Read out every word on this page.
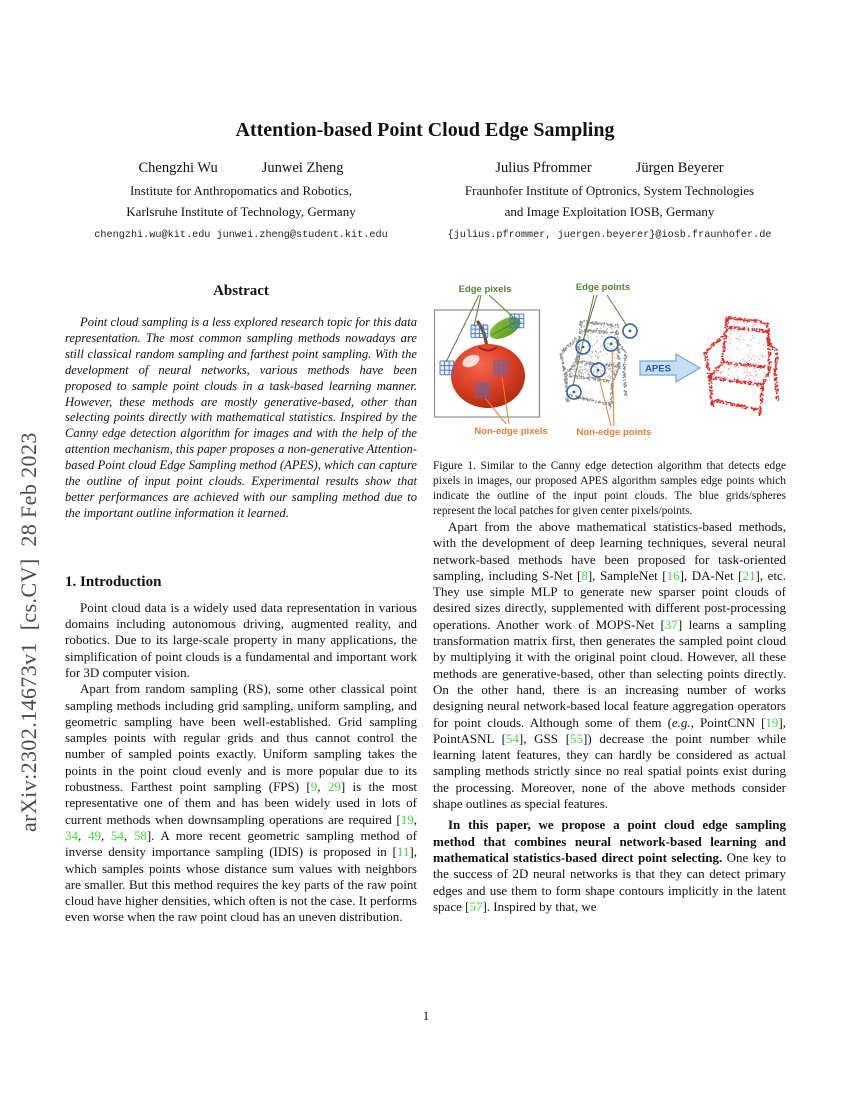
arXiv:2302.14673v1  [cs.CV]  28 Feb 2023
Attention-based Point Cloud Edge Sampling
Chengzhi Wu	Junwei Zheng
Institute for Anthropomatics and Robotics,
Karlsruhe Institute of Technology, Germany
chengzhi.wu@kit.edu junwei.zheng@student.kit.edu
Julius Pfrommer	Jürgen Beyerer
Fraunhofer Institute of Optronics, System Technologies
and Image Exploitation IOSB, Germany
{julius.pfrommer, juergen.beyerer}@iosb.fraunhofer.de
Abstract

Point cloud sampling is a less explored research topic for this data representation. The most common sampling methods nowadays are still classical random sampling and farthest point sampling. With the development of neural networks, various methods have been proposed to sample point clouds in a task-based learning manner. However, these methods are mostly generative-based, other than selecting points directly with mathematical statistics. Inspired by the Canny edge detection algorithm for images and with the help of the attention mechanism, this paper proposes a non-generative Attention-based Point cloud Edge Sampling method (APES), which can capture the outline of input point clouds. Experimental results show that better performances are achieved with our sampling method due to the important outline information it learned.

1. Introduction

Point cloud data is a widely used data representation in various domains including autonomous driving, augmented reality, and robotics. Due to its large-scale property in many applications, the simplification of point clouds is a fundamental and important work for 3D computer vision.

Apart from random sampling (RS), some other classical point sampling methods including grid sampling, uniform sampling, and geometric sampling have been well-established. Grid sampling samples points with regular grids and thus cannot control the number of sampled points exactly. Uniform sampling takes the points in the point cloud evenly and is more popular due to its robustness. Farthest point sampling (FPS) [9, 29] is the most representative one of them and has been widely used in lots of current methods when downsampling operations are required [19, 34, 49, 54, 58]. A more recent geometric sampling method of inverse density importance sampling (IDIS) is proposed in [11], which samples points whose distance sum values with neighbors are smaller. But this method requires the key parts of the raw point cloud have higher densities, which often is not the case. It performs even worse when the raw point cloud has an uneven distribution.

Edge pixels
Non-edge pixels
Edge points
Non-edge points
APES
Figure 1. Similar to the Canny edge detection algorithm that detects edge pixels in images, our proposed APES algorithm samples edge points which indicate the outline of the input point clouds. The blue grids/spheres represent the local patches for given center pixels/points.

Apart from the above mathematical statistics-based methods, with the development of deep learning techniques, several neural network-based methods have been proposed for task-oriented sampling, including S-Net [8], SampleNet [16], DA-Net [21], etc. They use simple MLP to generate new sparser point clouds of desired sizes directly, supplemented with different post-processing operations. Another work of MOPS-Net [37] learns a sampling transformation matrix first, then generates the sampled point cloud by multiplying it with the original point cloud. However, all these methods are generative-based, other than selecting points directly. On the other hand, there is an increasing number of works designing neural network-based local feature aggregation operators for point clouds. Although some of them (e.g., PointCNN [19], PointASNL [54], GSS [55]) decrease the point number while learning latent features, they can hardly be considered as actual sampling methods strictly since no real spatial points exist during the processing. Moreover, none of the above methods consider shape outlines as special features.

In this paper, we propose a point cloud edge sampling method that combines neural network-based learning and mathematical statistics-based direct point selecting. One key to the success of 2D neural networks is that they can detect primary edges and use them to form shape contours implicitly in the latent space [57]. Inspired by that, we

1
